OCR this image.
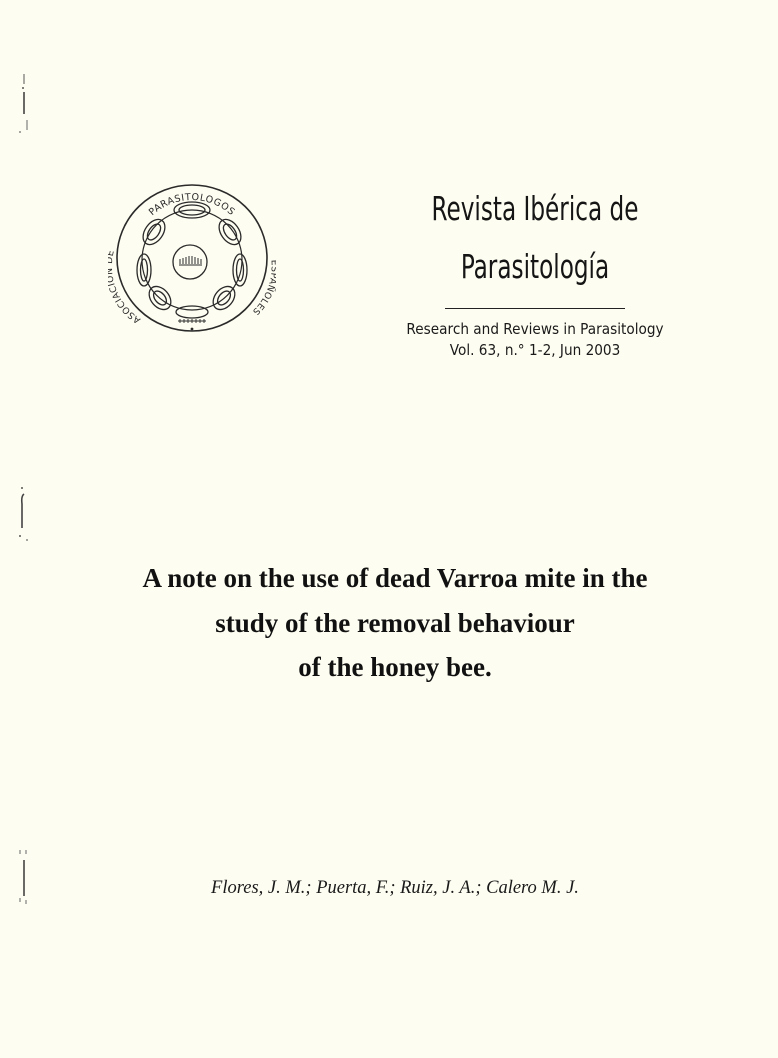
PARASITOLOGOS
ASOCIACI	ÑOLES
Revista Ibérica de
Parasitología
Research and Reviews in Parasitology
Vol. 63, n.° 1-2, Jun 2003
A note on the use of dead Varroa mite in the
study of the removal behaviour
of the honey bee.
Flores, J. M.; Puerta, F.; Ruiz, J. A.; Calero M. J.
